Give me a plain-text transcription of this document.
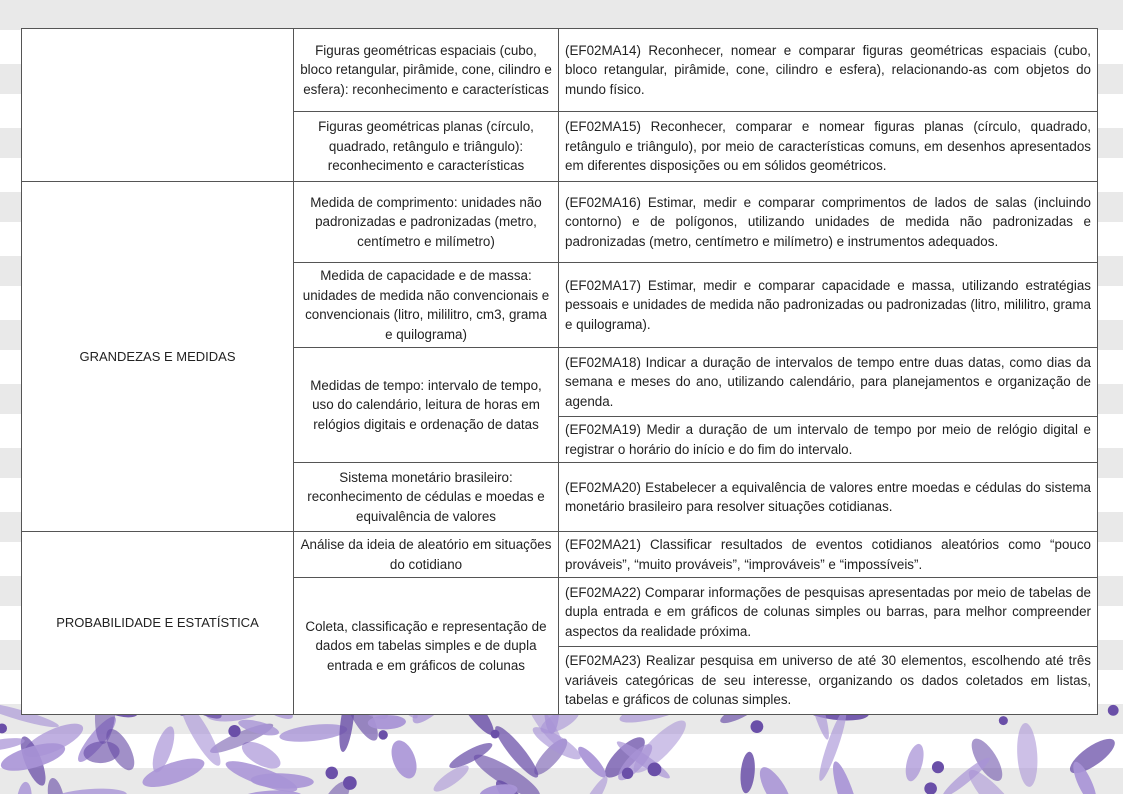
	Figuras geométricas espaciais (cubo, bloco retangular, pirâmide, cone, cilindro e esfera): reconhecimento e características	(EF02MA14) Reconhecer, nomear e comparar figuras geométricas espaciais (cubo, bloco retangular, pirâmide, cone, cilindro e esfera), relacionando-as com objetos do mundo físico.
	Figuras geométricas planas (círculo, quadrado, retângulo e triângulo): reconhecimento e características	(EF02MA15) Reconhecer, comparar e nomear figuras planas (círculo, quadrado, retângulo e triângulo), por meio de características comuns, em desenhos apresentados em diferentes disposições ou em sólidos geométricos.
GRANDEZAS E MEDIDAS	Medida de comprimento: unidades não padronizadas e padronizadas (metro, centímetro e milímetro)	(EF02MA16) Estimar, medir e comparar comprimentos de lados de salas (incluindo contorno) e de polígonos, utilizando unidades de medida não padronizadas e padronizadas (metro, centímetro e milímetro) e instrumentos adequados.
	Medida de capacidade e de massa: unidades de medida não convencionais e convencionais (litro, mililitro, cm3, grama e quilograma)	(EF02MA17) Estimar, medir e comparar capacidade e massa, utilizando estratégias pessoais e unidades de medida não padronizadas ou padronizadas (litro, mililitro, grama e quilograma).
	Medidas de tempo: intervalo de tempo, uso do calendário, leitura de horas em relógios digitais e ordenação de datas	(EF02MA18) Indicar a duração de intervalos de tempo entre duas datas, como dias da semana e meses do ano, utilizando calendário, para planejamentos e organização de agenda.
		(EF02MA19) Medir a duração de um intervalo de tempo por meio de relógio digital e registrar o horário do início e do fim do intervalo.
	Sistema monetário brasileiro: reconhecimento de cédulas e moedas e equivalência de valores	(EF02MA20) Estabelecer a equivalência de valores entre moedas e cédulas do sistema monetário brasileiro para resolver situações cotidianas.
PROBABILIDADE E ESTATÍSTICA	Análise da ideia de aleatório em situações do cotidiano	(EF02MA21) Classificar resultados de eventos cotidianos aleatórios como “pouco prováveis”, “muito prováveis”, “improváveis” e “impossíveis”.
	Coleta, classificação e representação de dados em tabelas simples e de dupla entrada e em gráficos de colunas	(EF02MA22) Comparar informações de pesquisas apresentadas por meio de tabelas de dupla entrada e em gráficos de colunas simples ou barras, para melhor compreender aspectos da realidade próxima.
		(EF02MA23) Realizar pesquisa em universo de até 30 elementos, escolhendo até três variáveis categóricas de seu interesse, organizando os dados coletados em listas, tabelas e gráficos de colunas simples.
